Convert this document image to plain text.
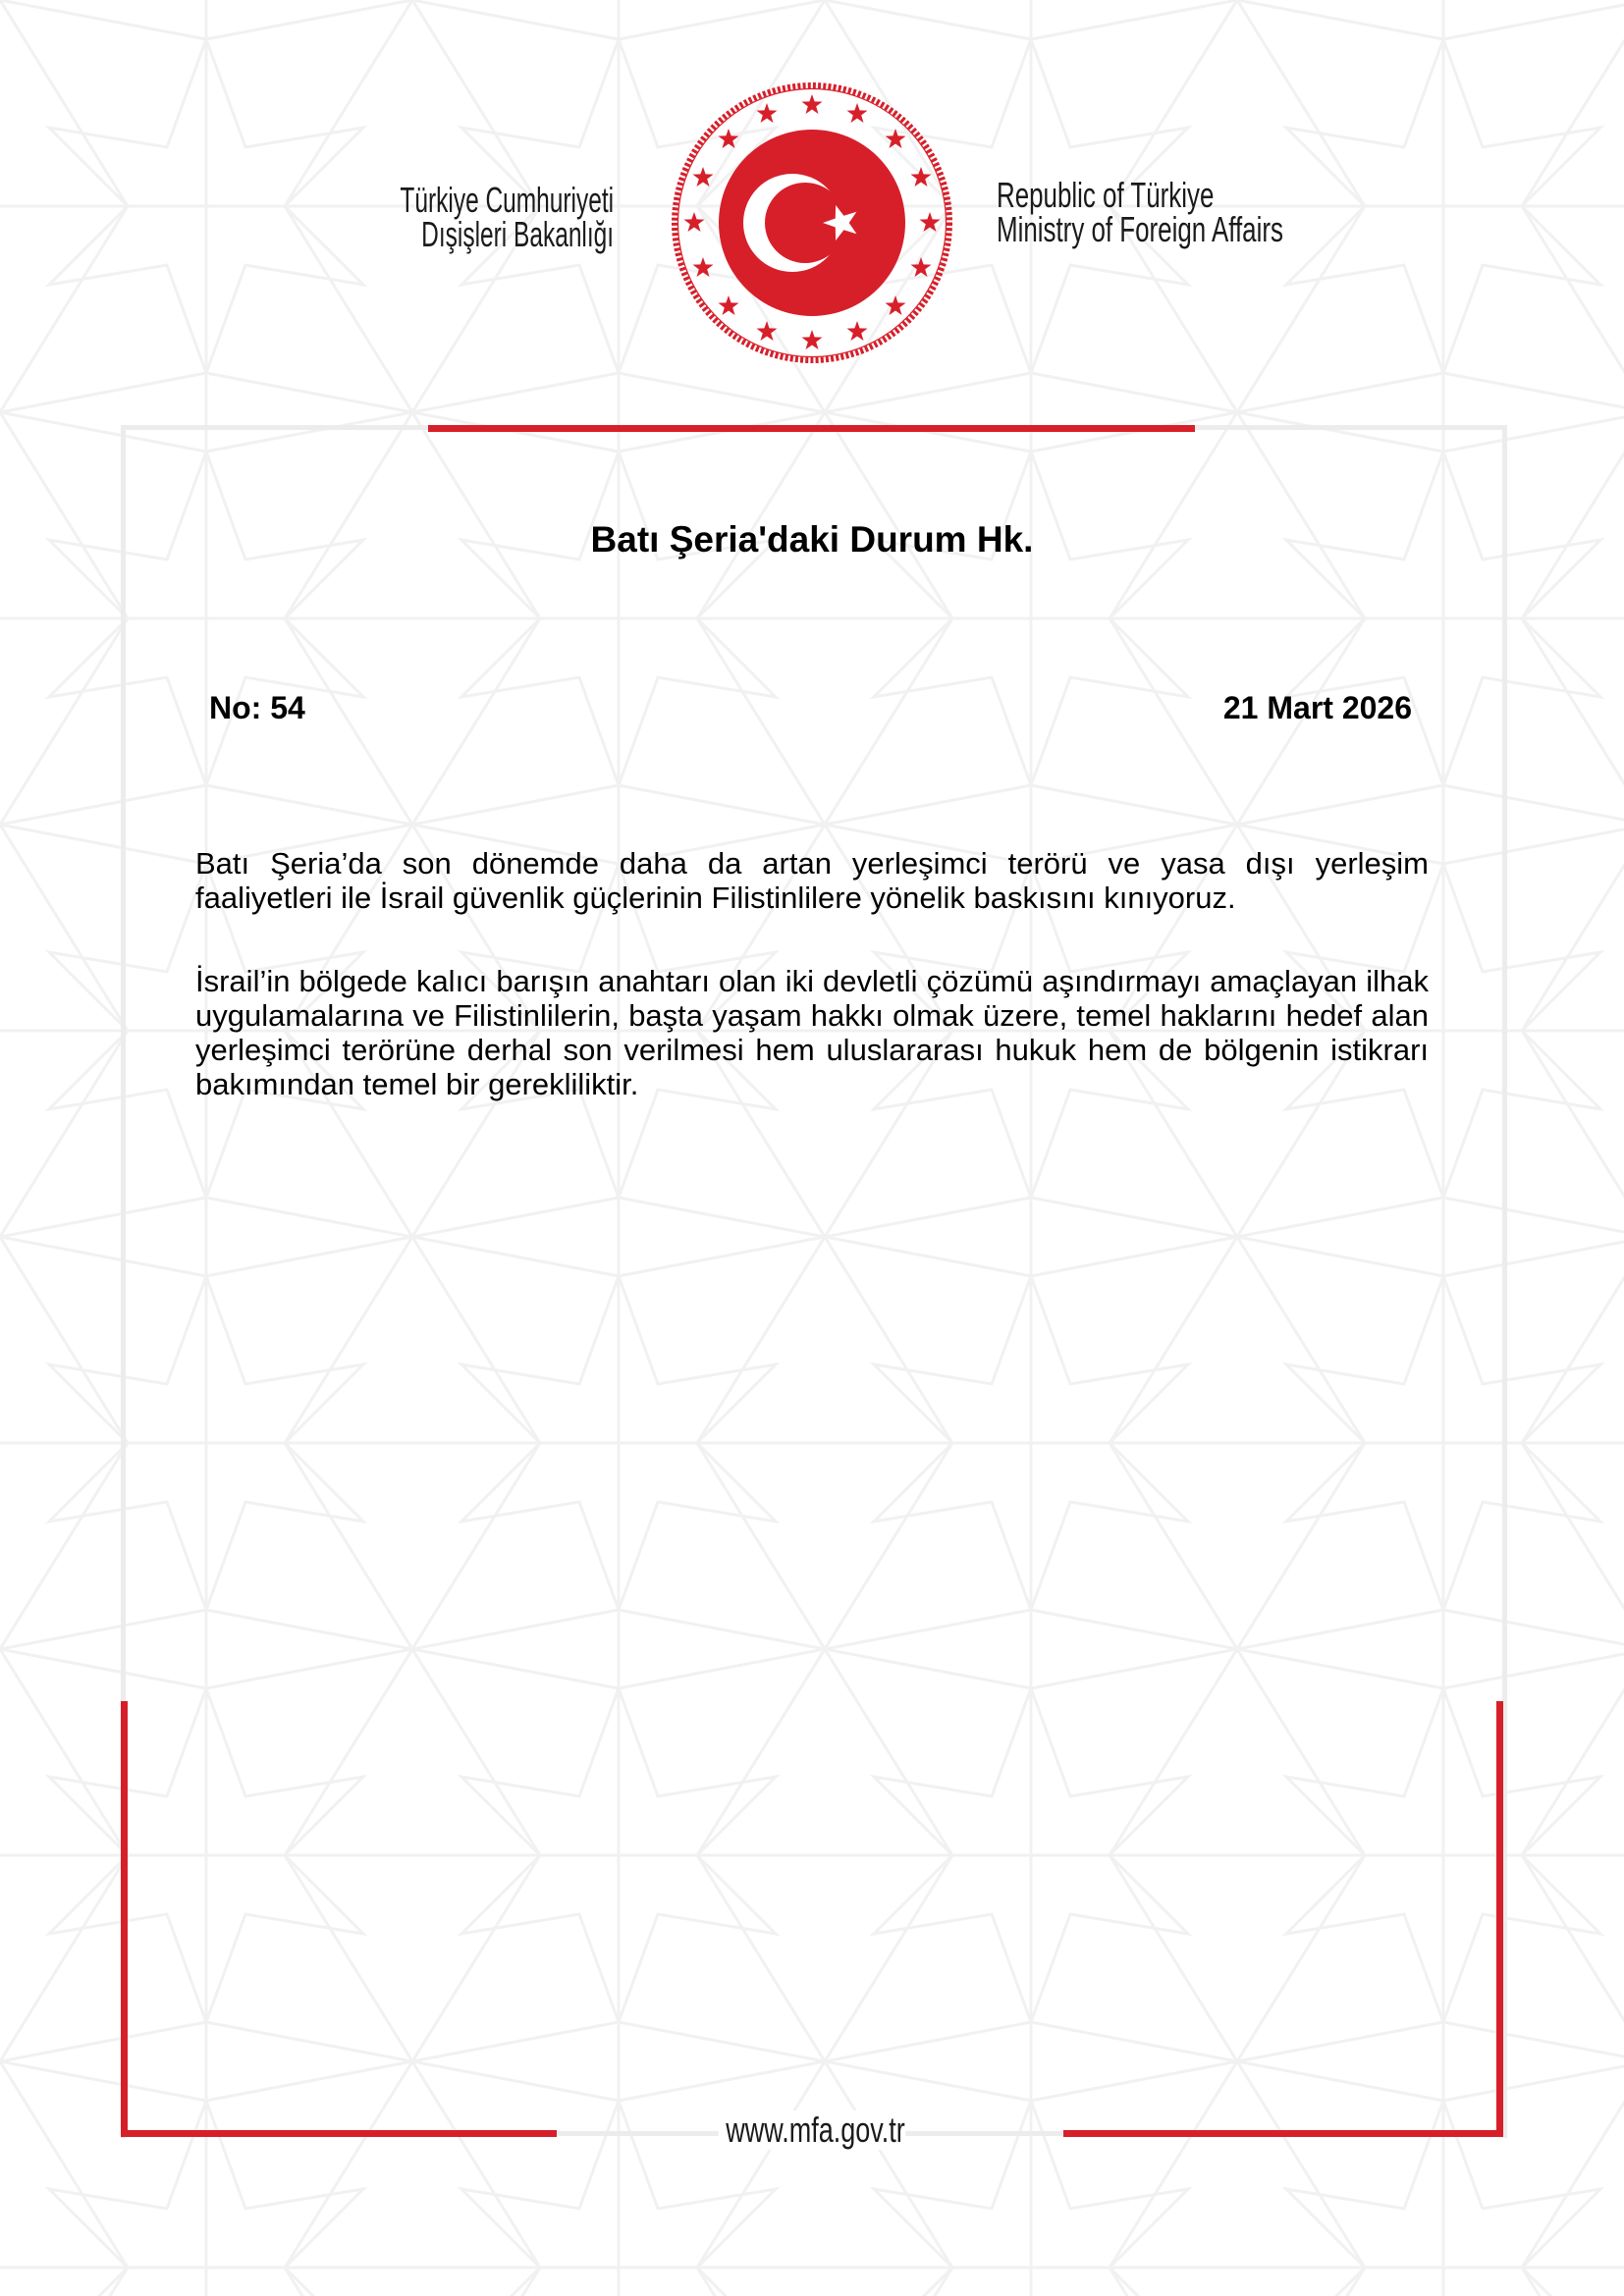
Türkiye Cumhuriyeti
Dışişleri Bakanlığı
Republic of Türkiye
Ministry of Foreign Affairs
Batı Şeria'daki Durum Hk.
No: 54	21 Mart 2026

Batı Şeria’da son dönemde daha da artan yerleşimci terörü ve yasa dışı yerleşim faaliyetleri ile İsrail güvenlik güçlerinin Filistinlilere yönelik baskısını kınıyoruz.

İsrail’in bölgede kalıcı barışın anahtarı olan iki devletli çözümü aşındırmayı amaçlayan ilhak uygulamalarına ve Filistinlilerin, başta yaşam hakkı olmak üzere, temel haklarını hedef alan yerleşimci terörüne derhal son verilmesi hem uluslararası hukuk hem de bölgenin istikrarı bakımından temel bir gerekliliktir.

www.mfa.gov.tr
